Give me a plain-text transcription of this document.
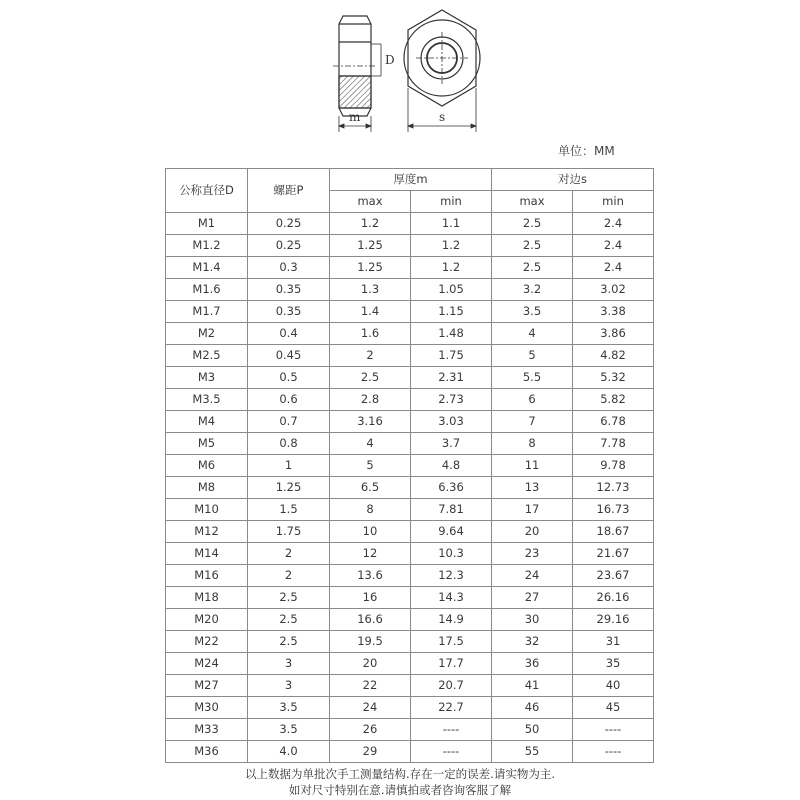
D
m	s
单位：MM
公称直径D	螺距P	厚度m		对边s	
		max	min	max	min
M1	0.25	1.2	1.1	2.5	2.4
M1.2	0.25	1.25	1.2	2.5	2.4
M1.4	0.3	1.25	1.2	2.5	2.4
M1.6	0.35	1.3	1.05	3.2	3.02
M1.7	0.35	1.4	1.15	3.5	3.38
M2	0.4	1.6	1.48	4	3.86
M2.5	0.45	2	1.75	5	4.82
M3	0.5	2.5	2.31	5.5	5.32
M3.5	0.6	2.8	2.73	6	5.82
M4	0.7	3.16	3.03	7	6.78
M5	0.8	4	3.7	8	7.78
M6	1	5	4.8	11	9.78
M8	1.25	6.5	6.36	13	12.73
M10	1.5	8	7.81	17	16.73
M12	1.75	10	9.64	20	18.67
M14	2	12	10.3	23	21.67
M16	2	13.6	12.3	24	23.67
M18	2.5	16	14.3	27	26.16
M20	2.5	16.6	14.9	30	29.16
M22	2.5	19.5	17.5	32	31
M24	3	20	17.7	36	35
M27	3	22	20.7	41	40
M30	3.5	24	22.7	46	45
M33	3.5	26	----	50	----
M36	4.0	29	----	55	----
以上数据为单批次手工测量结构.存在一定的误差.请实物为主.
如对尺寸特别在意.请慎拍或者咨询客服了解
